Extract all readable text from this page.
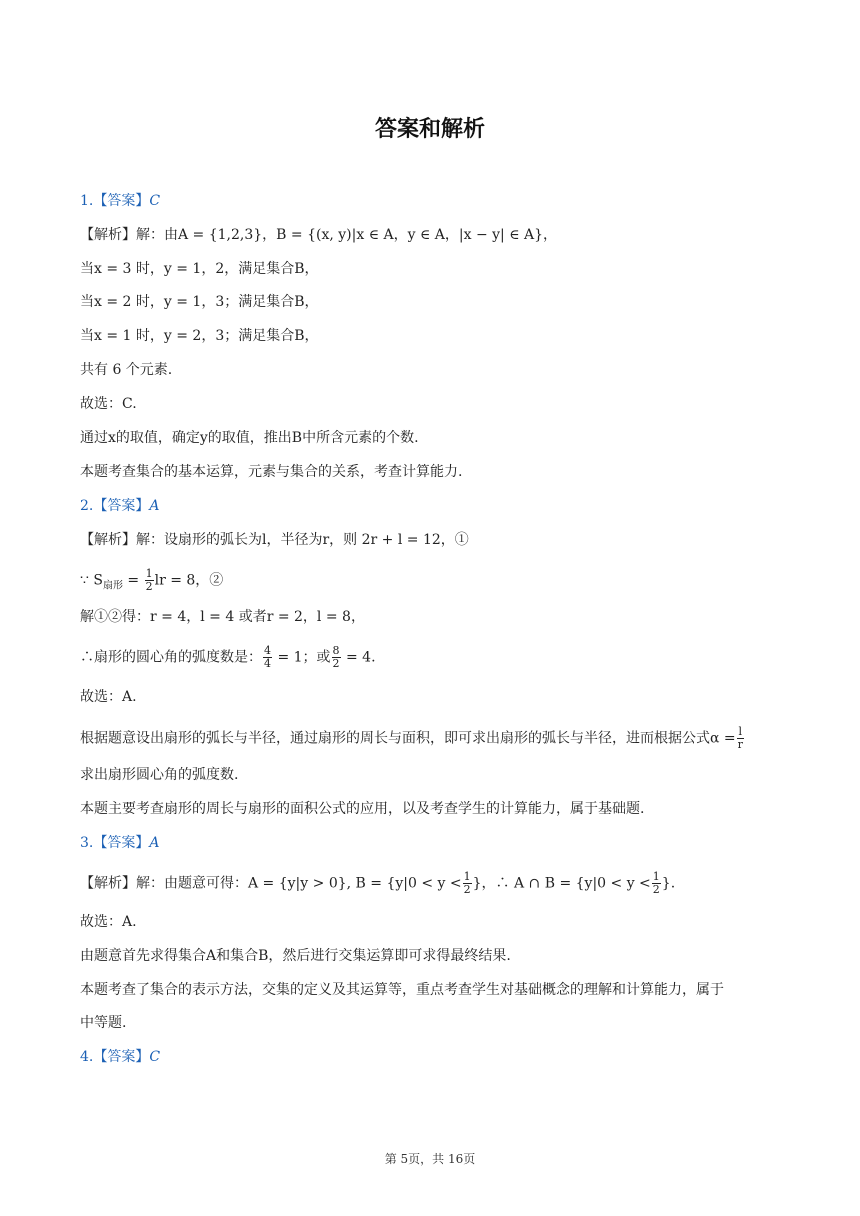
答案和解析
1.【答案】C
【解析】解：由A = {1,2,3}，B = {(x, y)|x ∈ A，y ∈ A，|x − y| ∈ A}，
当x = 3 时，y = 1，2，满足集合B，
当x = 2 时，y = 1，3；满足集合B，
当x = 1 时，y = 2，3；满足集合B，
共有 6 个元素.
故选：C.
通过x的取值，确定y的取值，推出B中所含元素的个数.
本题考查集合的基本运算，元素与集合的关系，考查计算能力.
2.【答案】A
【解析】解：设扇形的弧长为l，半径为r，则 2r + l = 12，①
∵ $S_{扇形} = \frac{1}{2}$ lr = 8，②
解①②得：r = 4，l = 4 或者r = 2，l = 8，
∴扇形的圆心角的弧度数是： $\frac{4}{4} = 1$；或 $\frac{8}{2} = 4$.
故选：A.
根据题意设出扇形的弧长与半径，通过扇形的周长与面积，即可求出扇形的弧长与半径，进而根据公式$\alpha = \frac{l}{r}$
求出扇形圆心角的弧度数.
本题主要考查扇形的周长与扇形的面积公式的应用，以及考查学生的计算能力，属于基础题.
3.【答案】A
【解析】解：由题意可得：A = {y|y > 0}, $B = \{y|0 < y < \frac{1}{2}$ }，∴ A ∩ $B = \{y|0 < y < \frac{1}{2}$ }.
故选：A.
由题意首先求得集合A和集合B，然后进行交集运算即可求得最终结果.
本题考查了集合的表示方法，交集的定义及其运算等，重点考查学生对基础概念的理解和计算能力，属于
中等题.
4.【答案】C
第 5页，共 16页
